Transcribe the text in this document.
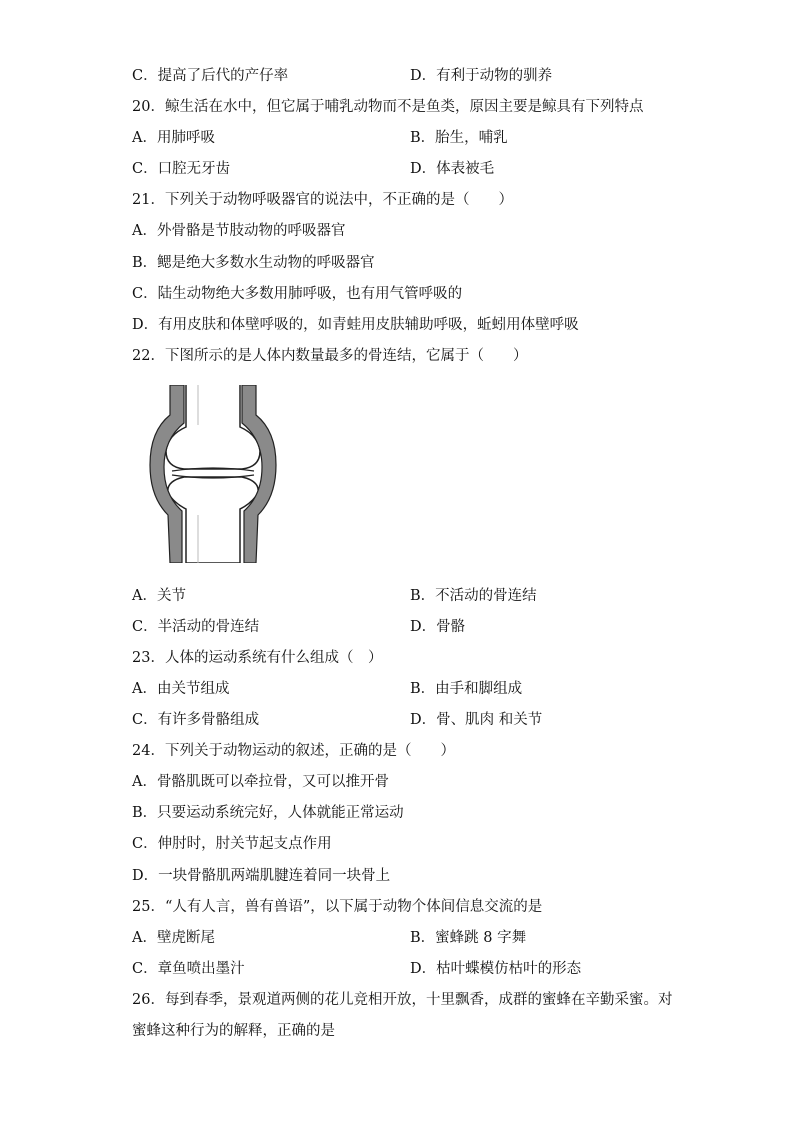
C．提高了后代的产仔率	D．有利于动物的驯养
20．鲸生活在水中，但它属于哺乳动物而不是鱼类，原因主要是鲸具有下列特点
A．用肺呼吸	B．胎生，哺乳
C．口腔无牙齿	D．体表被毛
21．下列关于动物呼吸器官的说法中，不正确的是（　　）
A．外骨骼是节肢动物的呼吸器官
B．鳃是绝大多数水生动物的呼吸器官
C．陆生动物绝大多数用肺呼吸，也有用气管呼吸的
D．有用皮肤和体壁呼吸的，如青蛙用皮肤辅助呼吸，蚯蚓用体壁呼吸
22．下图所示的是人体内数量最多的骨连结，它属于（　　）
A．关节	B．不活动的骨连结
C．半活动的骨连结	D．骨骼
23．人体的运动系统有什么组成（　）
A．由关节组成	B．由手和脚组成
C．有许多骨骼组成	D．骨、肌肉 和关节
24．下列关于动物运动的叙述，正确的是（　　）
A．骨骼肌既可以牵拉骨，又可以推开骨
B．只要运动系统完好，人体就能正常运动
C．伸肘时，肘关节起支点作用
D．一块骨骼肌两端肌腱连着同一块骨上
25．“人有人言，兽有兽语”，以下属于动物个体间信息交流的是
A．壁虎断尾	B．蜜蜂跳 8 字舞
C．章鱼喷出墨汁	D．枯叶蝶模仿枯叶的形态
26．每到春季，景观道两侧的花儿竞相开放，十里飘香，成群的蜜蜂在辛勤采蜜。对
蜜蜂这种行为的解释，正确的是
